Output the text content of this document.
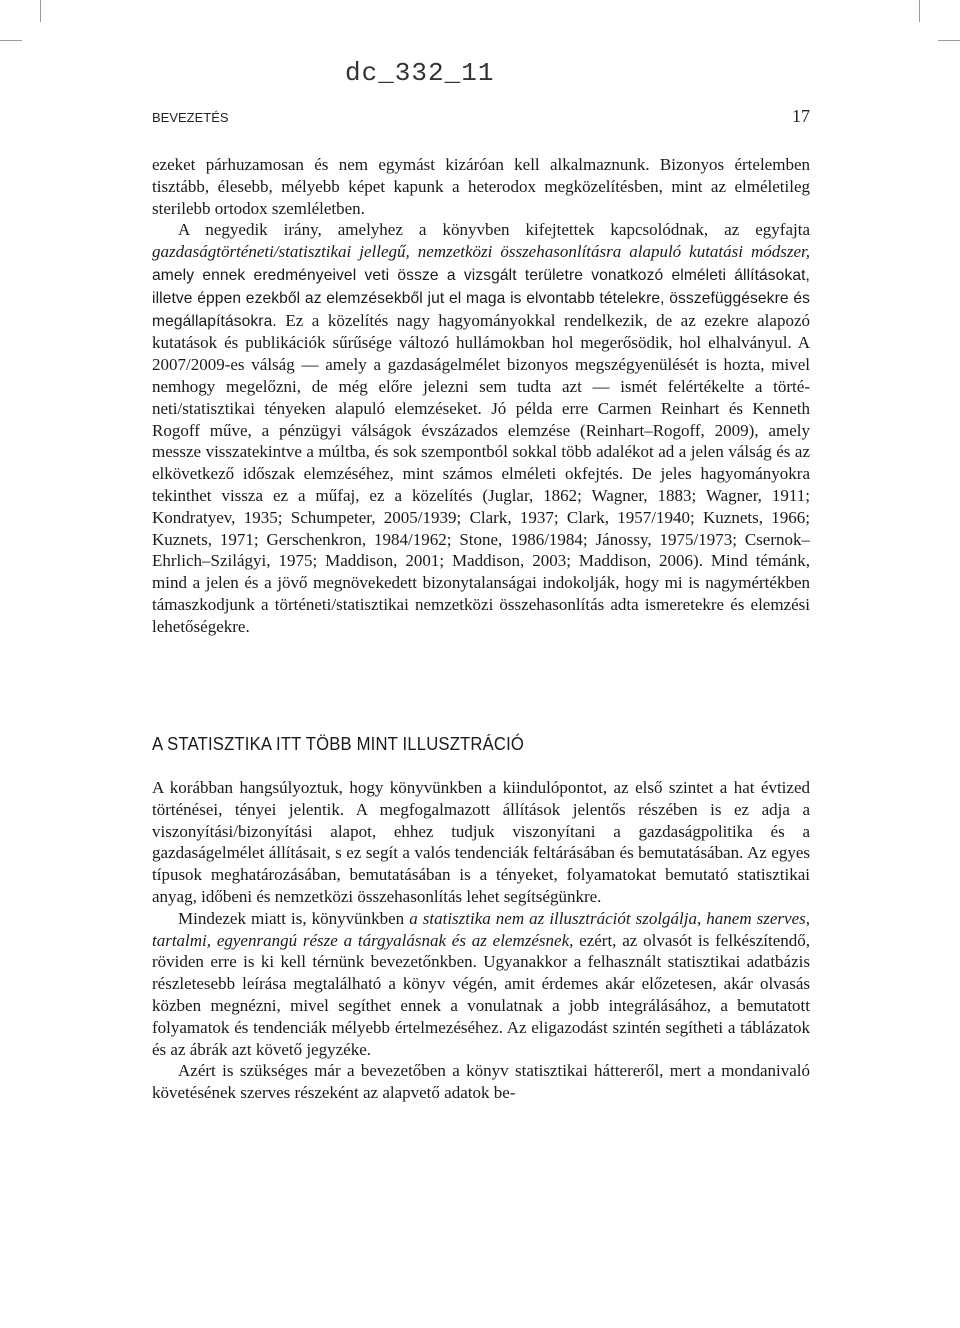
dc_332_11
BEVEZETÉS	17

ezeket párhuzamosan és nem egymást kizáróan kell alkalmaznunk. Bizonyos értelemben tisztább, élesebb, mélyebb képet kapunk a heterodox megközelítésben, mint az elméletileg sterilebb ortodox szemléletben.

A negyedik irány, amelyhez a könyvben kifejtettek kapcsolódnak, az egyfajta gazdaságtörténeti/statisztikai jellegű, nemzetközi összehasonlításra alapuló kutatási módszer, amely ennek eredményeivel veti össze a vizsgált területre vonatkozó elméleti állításokat, illetve éppen ezekből az elemzésekből jut el maga is elvontabb tételekre, összefüggésekre és megállapításokra. Ez a közelítés nagy hagyományokkal rendelkezik, de az ezekre alapozó kutatások és publikációk sűrűsége változó hullámokban hol megerősödik, hol elhalványul. A 2007/2009-es válság — amely a gazdaságelmélet bizonyos megszégyenülését is hozta, mivel nemhogy megelőzni, de még előre jelezni sem tudta azt — ismét felértékelte a történeti/statisztikai tényeken alapuló elemzéseket. Jó példa erre Carmen Reinhart és Kenneth Rogoff műve, a pénzügyi válságok évszázados elemzése (Reinhart–Rogoff, 2009), amely messze visszatekintve a múltba, és sok szempontból sokkal több adalékot ad a jelen válság és az elkövetkező időszak elemzéséhez, mint számos elméleti okfejtés. De jeles hagyományokra tekinthet vissza ez a műfaj, ez a közelítés (Juglar, 1862; Wagner, 1883; Wagner, 1911; Kondratyev, 1935; Schumpeter, 2005/1939; Clark, 1937; Clark, 1957/1940; Kuznets, 1966; Kuznets, 1971; Gerschenkron, 1984/1962; Stone, 1986/1984; Jánossy, 1975/1973; Csernok–Ehrlich–Szilágyi, 1975; Maddison, 2001; Maddison, 2003; Maddison, 2006). Mind témánk, mind a jelen és a jövő megnövekedett bizonytalanságai indokolják, hogy mi is nagymértékben támaszkodjunk a történeti/statisztikai nemzetközi összehasonlítás adta ismeretekre és elemzési lehetőségekre.

A STATISZTIKA ITT TÖBB MINT ILLUSZTRÁCIÓ

A korábban hangsúlyoztuk, hogy könyvünkben a kiindulópontot, az első szintet a hat évtized történései, tényei jelentik. A megfogalmazott állítások jelentős részében is ez adja a viszonyítási/bizonyítási alapot, ehhez tudjuk viszonyítani a gazdaságpolitika és a gazdaságelmélet állításait, s ez segít a valós tendenciák feltárásában és bemutatásában. Az egyes típusok meghatározásában, bemutatásában is a tényeket, folyamatokat bemutató statisztikai anyag, időbeni és nemzetközi összehasonlítás lehet segítségünkre.

Mindezek miatt is, könyvünkben a statisztika nem az illusztrációt szolgálja, hanem szerves, tartalmi, egyenrangú része a tárgyalásnak és az elemzésnek, ezért, az olvasót is felkészítendő, röviden erre is ki kell térnünk bevezetőnkben. Ugyanakkor a felhasznált statisztikai adatbázis részletesebb leírása megtalálható a könyv végén, amit érdemes akár előzetesen, akár olvasás közben megnézni, mivel segíthet ennek a vonulatnak a jobb integrálásához, a bemutatott folyamatok és tendenciák mélyebb értelmezéséhez. Az eligazodást szintén segítheti a táblázatok és az ábrák azt követő jegyzéke.

Azért is szükséges már a bevezetőben a könyv statisztikai háttereről, mert a mondanivaló követésének szerves részeként az alapvető adatok be-
